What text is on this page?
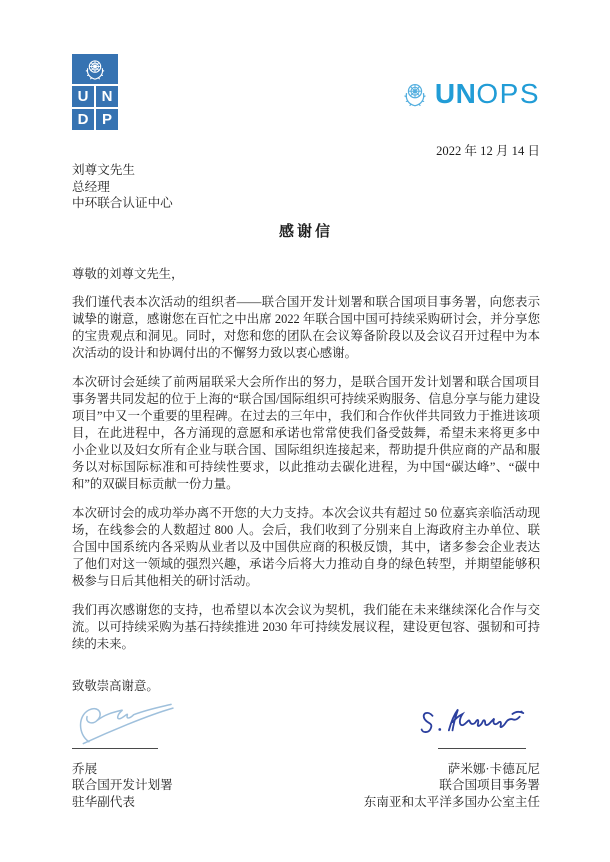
U N
D P
UN OPS
2022 年 12 月 14 日
刘尊文先生
总经理
中环联合认证中心
感谢信

尊敬的刘尊文先生，

我们谨代表本次活动的组织者——联合国开发计划署和联合国项目事务署，向您表示诚挚的谢意，感谢您在百忙之中出席 2022 年联合国中国可持续采购研讨会，并分享您的宝贵观点和洞见。同时，对您和您的团队在会议筹备阶段以及会议召开过程中为本次活动的设计和协调付出的不懈努力致以衷心感谢。

本次研讨会延续了前两届联采大会所作出的努力，是联合国开发计划署和联合国项目事务署共同发起的位于上海的“联合国/国际组织可持续采购服务、信息分享与能力建设项目”中又一个重要的里程碑。在过去的三年中，我们和合作伙伴共同致力于推进该项目，在此进程中，各方涌现的意愿和承诺也常常使我们备受鼓舞，希望未来将更多中小企业以及妇女所有企业与联合国、国际组织连接起来，帮助提升供应商的产品和服务以对标国际标准和可持续性要求，以此推动去碳化进程，为中国“碳达峰”、“碳中和”的双碳目标贡献一份力量。

本次研讨会的成功举办离不开您的大力支持。本次会议共有超过 50 位嘉宾亲临活动现场，在线参会的人数超过 800 人。会后，我们收到了分别来自上海政府主办单位、联合国中国系统内各采购从业者以及中国供应商的积极反馈，其中，诸多参会企业表达了他们对这一领域的强烈兴趣，承诺今后将大力推动自身的绿色转型，并期望能够积极参与日后其他相关的研讨活动。

我们再次感谢您的支持，也希望以本次会议为契机，我们能在未来继续深化合作与交流。以可持续采购为基石持续推进 2030 年可持续发展议程，建设更包容、强韧和可持续的未来。

致敬崇高谢意。

乔展
联合国开发计划署
驻华副代表
萨米娜·卡德瓦尼
联合国项目事务署
东南亚和太平洋多国办公室主任
